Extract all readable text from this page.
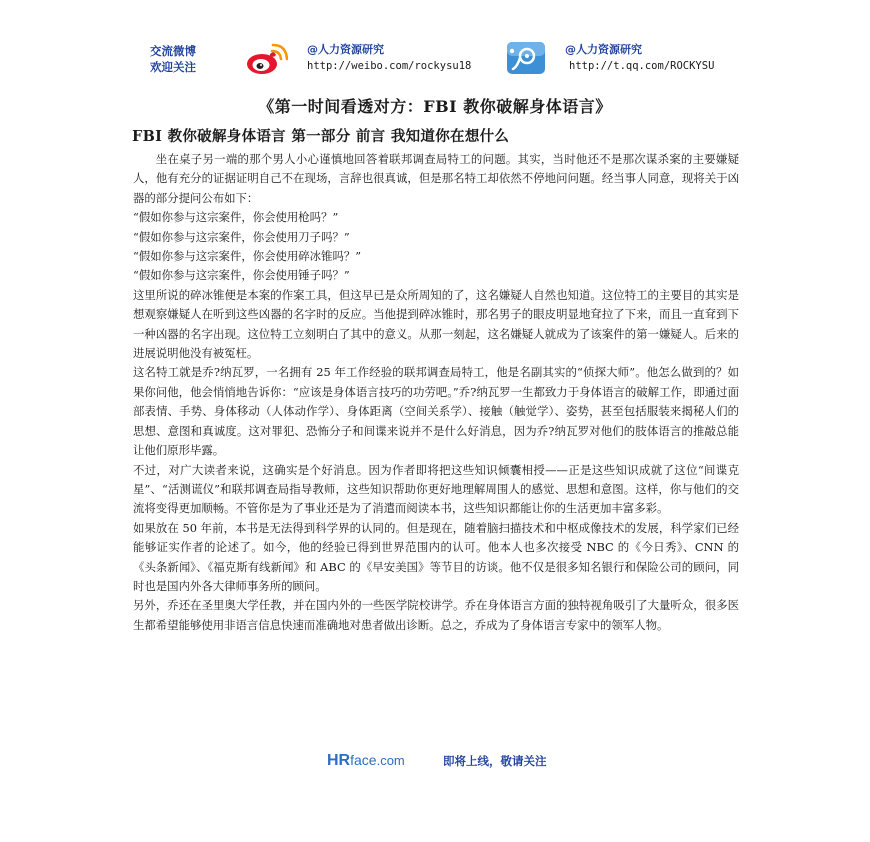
交流微博
欢迎关注
@人力资源研究
http://weibo.com/rockysu18
@人力资源研究
http://t.qq.com/ROCKYSU
《第一时间看透对方：FBI 教你破解身体语言》
FBI 教你破解身体语言 第一部分 前言 我知道你在想什么

坐在桌子另一端的那个男人小心谨慎地回答着联邦调查局特工的问题。其实，当时他还不是那次谋杀案的主要嫌疑人，他有充分的证据证明自己不在现场，言辞也很真诚，但是那名特工却依然不停地问问题。经当事人同意，现将关于凶器的部分提问公布如下：

“假如你参与这宗案件，你会使用枪吗？”

“假如你参与这宗案件，你会使用刀子吗？”

“假如你参与这宗案件，你会使用碎冰锥吗？”

“假如你参与这宗案件，你会使用锤子吗？”

这里所说的碎冰锥便是本案的作案工具，但这早已是众所周知的了，这名嫌疑人自然也知道。这位特工的主要目的其实是想观察嫌疑人在听到这些凶器的名字时的反应。当他提到碎冰锥时，那名男子的眼皮明显地耷拉了下来，而且一直耷到下一种凶器的名字出现。这位特工立刻明白了其中的意义。从那一刻起，这名嫌疑人就成为了该案件的第一嫌疑人。后来的进展说明他没有被冤枉。

这名特工就是乔?纳瓦罗，一名拥有 25 年工作经验的联邦调查局特工，他是名副其实的“侦探大师”。他怎么做到的？如果你问他，他会悄悄地告诉你：“应该是身体语言技巧的功劳吧。”乔?纳瓦罗一生都致力于身体语言的破解工作，即通过面部表情、手势、身体移动（人体动作学）、身体距离（空间关系学）、接触（触觉学）、姿势，甚至包括服装来揭秘人们的思想、意图和真诚度。这对罪犯、恐怖分子和间谍来说并不是什么好消息，因为乔?纳瓦罗对他们的肢体语言的推敲总能让他们原形毕露。

不过，对广大读者来说，这确实是个好消息。因为作者即将把这些知识倾囊相授——正是这些知识成就了这位“间谍克星”、“活测谎仪”和联邦调查局指导教师，这些知识帮助你更好地理解周围人的感觉、思想和意图。这样，你与他们的交流将变得更加顺畅。不管你是为了事业还是为了消遣而阅读本书，这些知识都能让你的生活更加丰富多彩。

如果放在 50 年前，本书是无法得到科学界的认同的。但是现在，随着脑扫描技术和中枢成像技术的发展，科学家们已经能够证实作者的论述了。如今，他的经验已得到世界范围内的认可。他本人也多次接受 NBC 的《今日秀》、CNN 的《头条新闻》、《福克斯有线新闻》和 ABC 的《早安美国》等节目的访谈。他不仅是很多知名银行和保险公司的顾问，同时也是国内外各大律师事务所的顾问。

另外，乔还在圣里奥大学任教，并在国内外的一些医学院校讲学。乔在身体语言方面的独特视角吸引了大量听众，很多医生都希望能够使用非语言信息快速而准确地对患者做出诊断。总之，乔成为了身体语言专家中的领军人物。

HRface.com	即将上线，敬请关注
